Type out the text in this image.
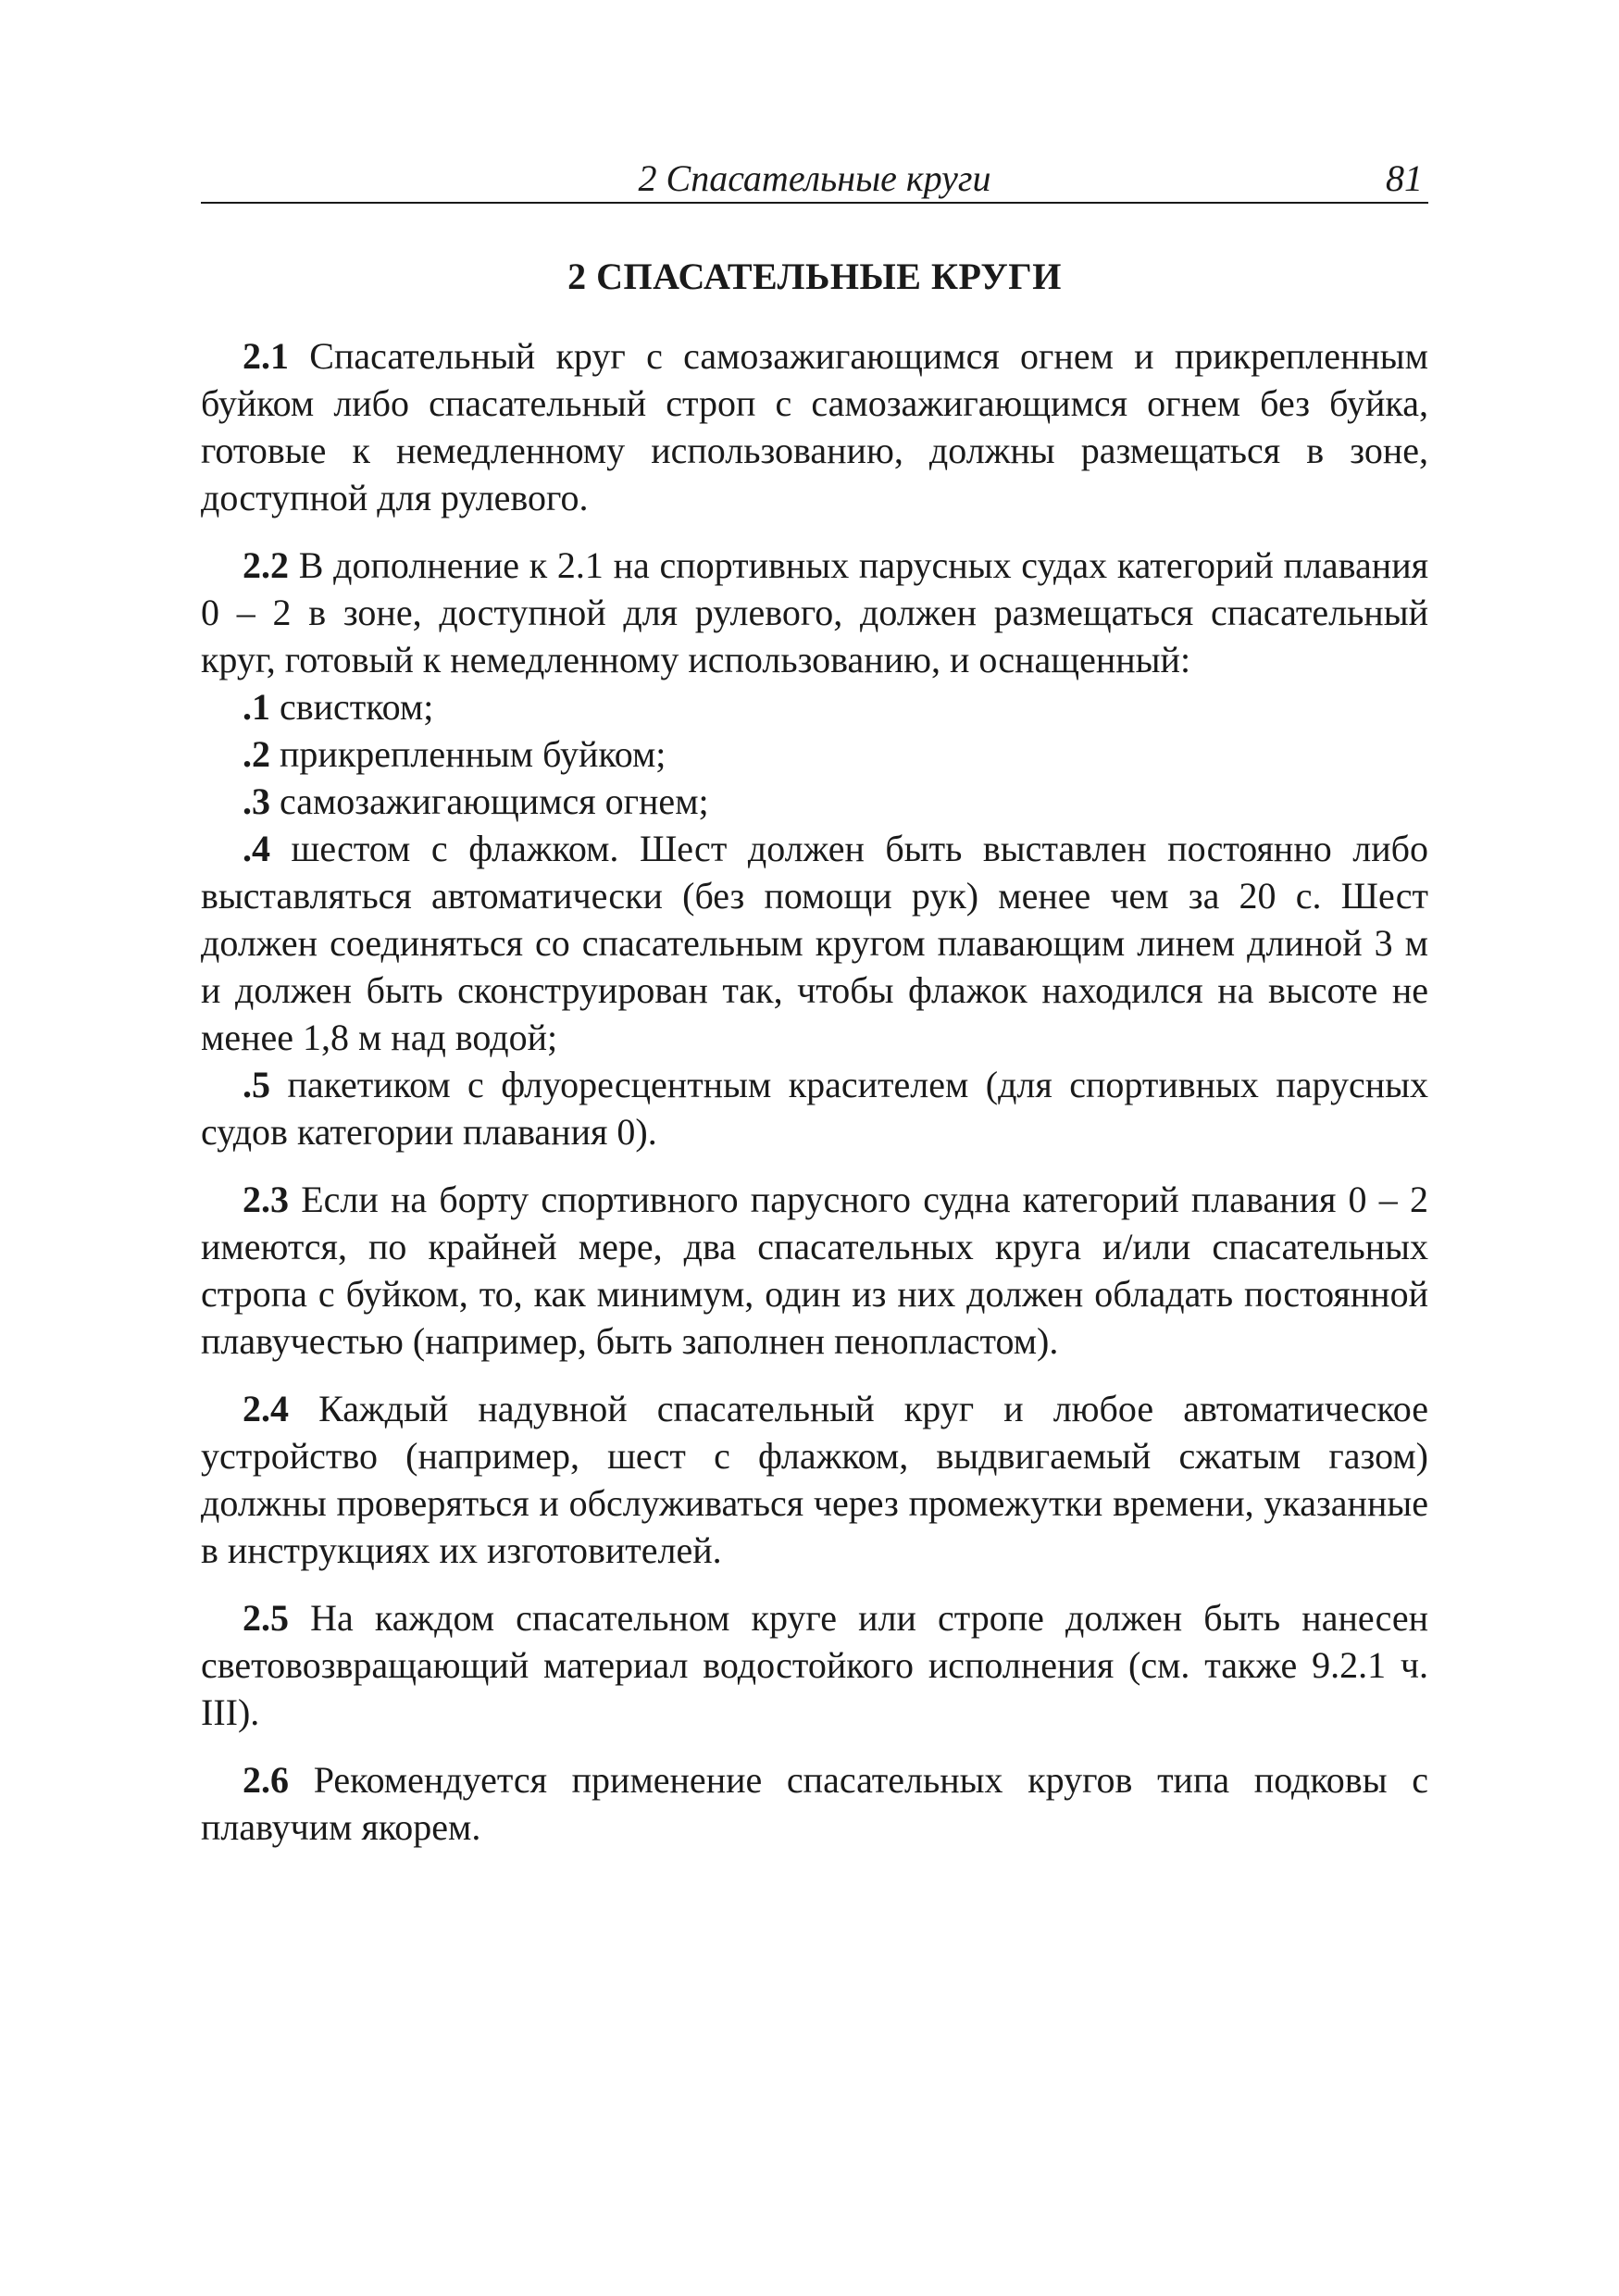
2 Спасательные круги	81
2 СПАСАТЕЛЬНЫЕ КРУГИ

2.1 Спасательный круг с самозажигающимся огнем и прикрепленным буйком либо спасательный строп с самозажигающимся огнем без буйка, готовые к немедленному использованию, должны размещаться в зоне, доступной для рулевого.

2.2 В дополнение к 2.1 на спортивных парусных судах категорий плавания 0 – 2 в зоне, доступной для рулевого, должен размещаться спасательный круг, готовый к немедленному использованию, и оснащенный:

.1 свистком;

.2 прикрепленным буйком;

.3 самозажигающимся огнем;

.4 шестом с флажком. Шест должен быть выставлен постоянно либо выставляться автоматически (без помощи рук) менее чем за 20 с. Шест должен соединяться со спасательным кругом плавающим линем длиной 3 м и должен быть сконструирован так, чтобы флажок находился на высоте не менее 1,8 м над водой;

.5 пакетиком с флуоресцентным красителем (для спортивных парусных судов категории плавания 0).

2.3 Если на борту спортивного парусного судна категорий плавания 0 – 2 имеются, по крайней мере, два спасательных круга и/или спасательных стропа с буйком, то, как минимум, один из них должен обладать постоянной плавучестью (например, быть заполнен пенопластом).

2.4 Каждый надувной спасательный круг и любое автоматическое устройство (например, шест с флажком, выдвигаемый сжатым газом) должны проверяться и обслуживаться через промежутки времени, указанные в инструкциях их изготовителей.

2.5 На каждом спасательном круге или стропе должен быть нанесен световозвращающий материал водостойкого исполнения (см. также 9.2.1 ч. III).

2.6 Рекомендуется применение спасательных кругов типа подковы с плавучим якорем.
